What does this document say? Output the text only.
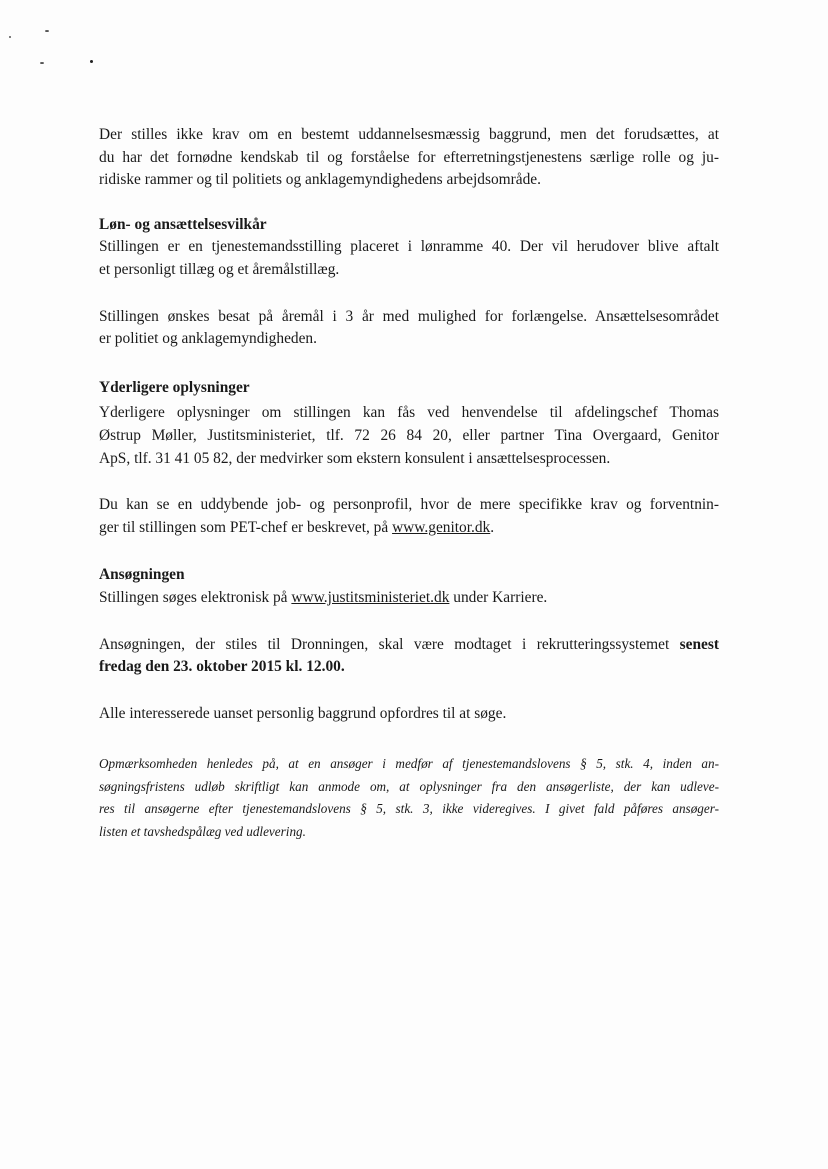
Der stilles ikke krav om en bestemt uddannelsesmæssig baggrund, men det forudsættes, at
du har det fornødne kendskab til og forståelse for efterretningstjenestens særlige rolle og ju-
ridiske rammer og til politiets og anklagemyndighedens arbejdsområde.
Løn- og ansættelsesvilkår
Stillingen er en tjenestemandsstilling placeret i lønramme 40. Der vil herudover blive aftalt
et personligt tillæg og et åremålstillæg.
Stillingen ønskes besat på åremål i 3 år med mulighed for forlængelse. Ansættelsesområdet
er politiet og anklagemyndigheden.
Yderligere oplysninger
Yderligere oplysninger om stillingen kan fås ved henvendelse til afdelingschef Thomas
Østrup Møller, Justitsministeriet, tlf. 72 26 84 20, eller partner Tina Overgaard, Genitor
ApS, tlf. 31 41 05 82, der medvirker som ekstern konsulent i ansættelsesprocessen.
Du kan se en uddybende job- og personprofil, hvor de mere specifikke krav og forventnin-
ger til stillingen som PET-chef er beskrevet, på www.genitor.dk.
Ansøgningen
Stillingen søges elektronisk på www.justitsministeriet.dk under Karriere.
Ansøgningen, der stiles til Dronningen, skal være modtaget i rekrutteringssystemet senest
fredag den 23. oktober 2015 kl. 12.00.
Alle interesserede uanset personlig baggrund opfordres til at søge.
Opmærksomheden henledes på, at en ansøger i medfør af tjenestemandslovens § 5, stk. 4, inden an-
søgningsfristens udløb skriftligt kan anmode om, at oplysninger fra den ansøgerliste, der kan udleve-
res til ansøgerne efter tjenestemandslovens § 5, stk. 3, ikke videregives. I givet fald påføres ansøger-
listen et tavshedspålæg ved udlevering.
